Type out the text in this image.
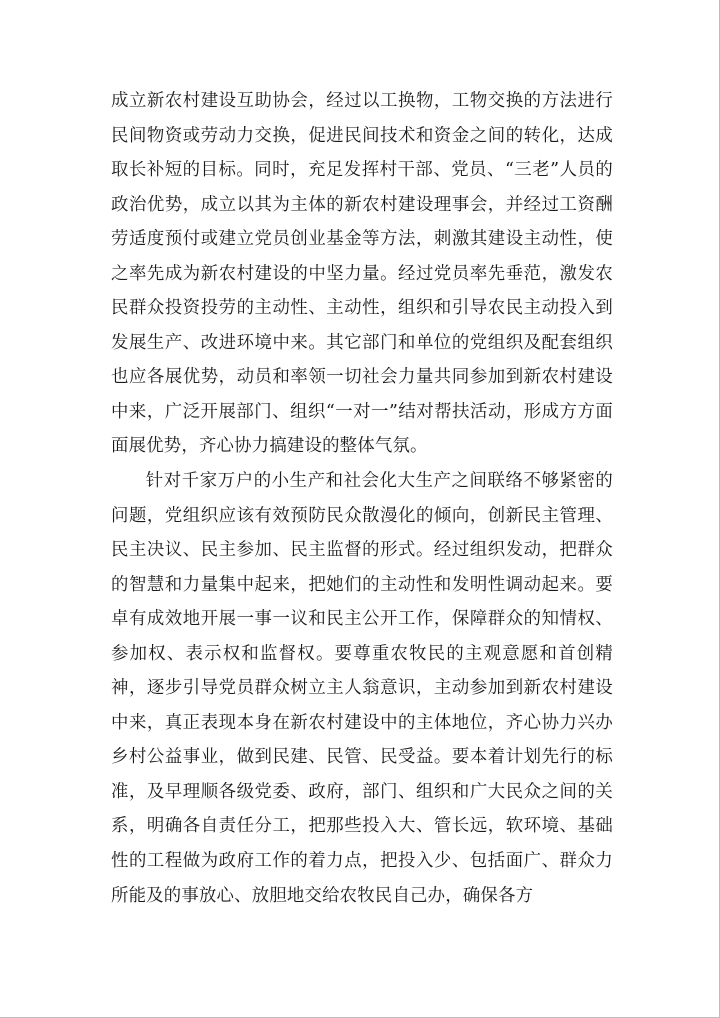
成立新农村建设互助协会，经过以工换物，工物交换的方法进行民间物资或劳动力交换，促进民间技术和资金之间的转化，达成取长补短的目标。同时，充足发挥村干部、党员、“三老”人员的政治优势，成立以其为主体的新农村建设理事会，并经过工资酬劳适度预付或建立党员创业基金等方法，刺激其建设主动性，使之率先成为新农村建设的中坚力量。经过党员率先垂范，激发农民群众投资投劳的主动性、主动性，组织和引导农民主动投入到发展生产、改进环境中来。其它部门和单位的党组织及配套组织也应各展优势，动员和率领一切社会力量共同参加到新农村建设中来，广泛开展部门、组织“一对一”结对帮扶活动，形成方方面面展优势，齐心协力搞建设的整体气氛。

针对千家万户的小生产和社会化大生产之间联络不够紧密的问题，党组织应该有效预防民众散漫化的倾向，创新民主管理、民主决议、民主参加、民主监督的形式。经过组织发动，把群众的智慧和力量集中起来，把她们的主动性和发明性调动起来。要卓有成效地开展一事一议和民主公开工作，保障群众的知情权、参加权、表示权和监督权。要尊重农牧民的主观意愿和首创精神，逐步引导党员群众树立主人翁意识，主动参加到新农村建设中来，真正表现本身在新农村建设中的主体地位，齐心协力兴办乡村公益事业，做到民建、民管、民受益。要本着计划先行的标准，及早理顺各级党委、政府，部门、组织和广大民众之间的关系，明确各自责任分工，把那些投入大、管长远，软环境、基础性的工程做为政府工作的着力点，把投入少、包括面广、群众力所能及的事放心、放胆地交给农牧民自己办，确保各方
